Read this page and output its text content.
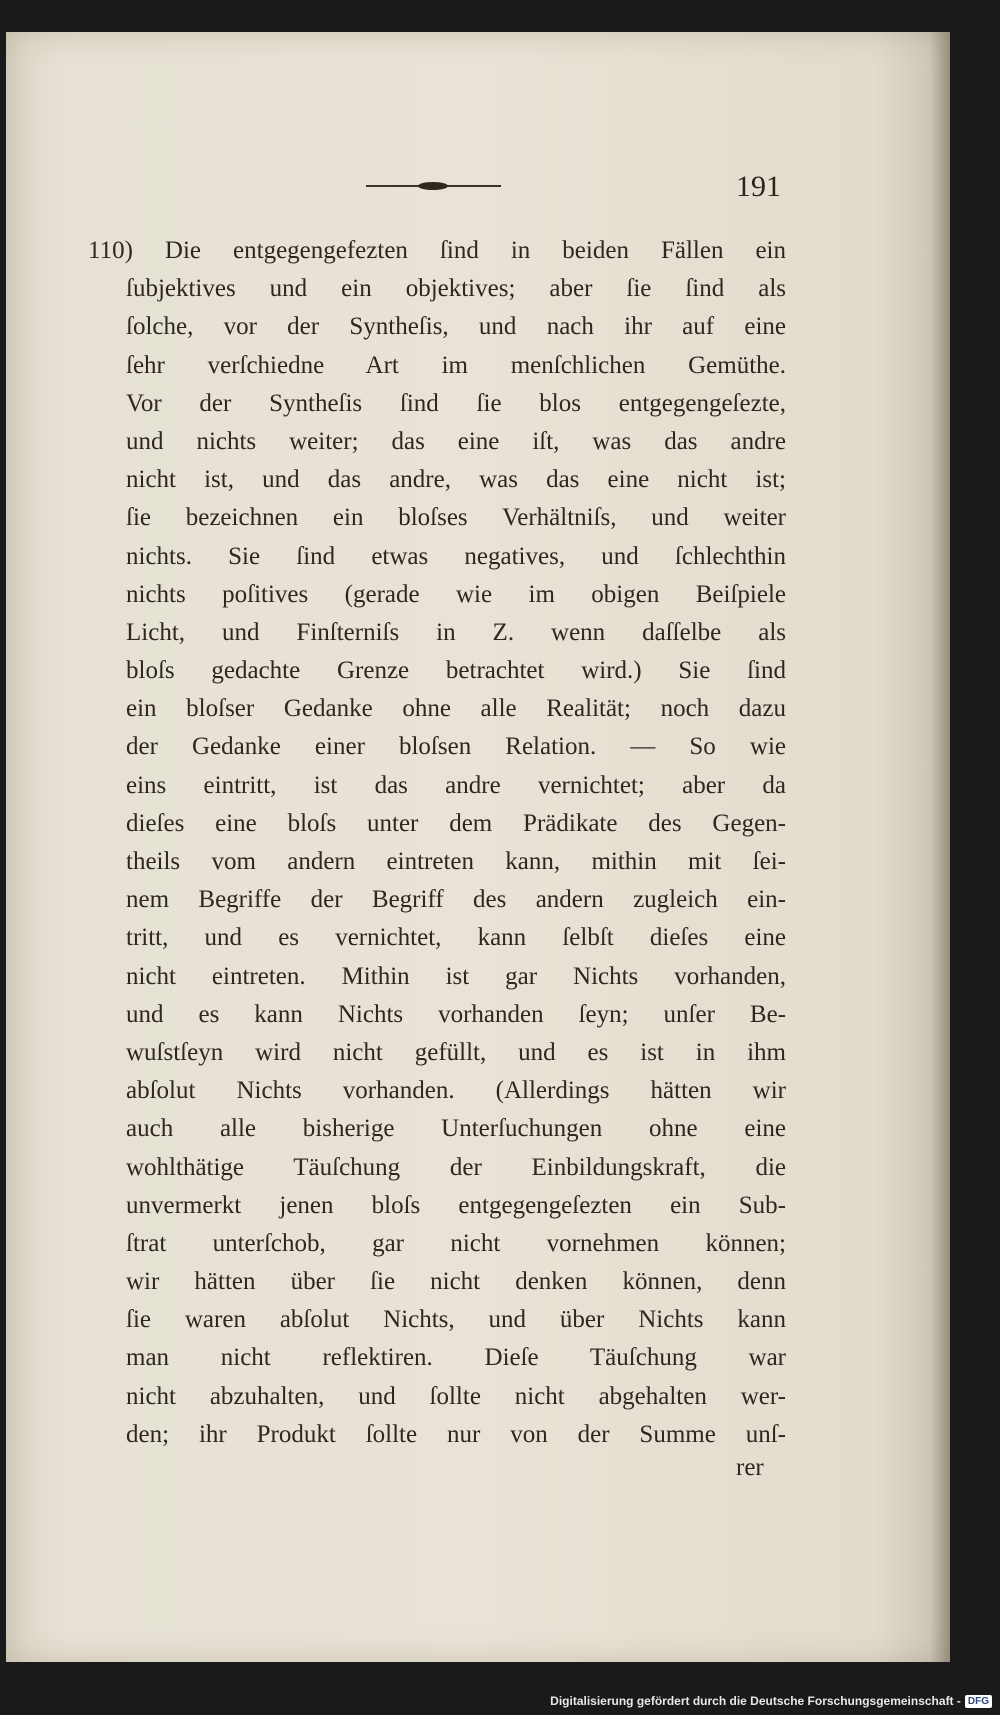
191
110) Die entgegengefezten ſind in beiden Fällen ein
ſubjektives und ein objektives; aber ſie ſind als
ſolche, vor der Syntheſis, und nach ihr auf eine
ſehr verſchiedne Art im menſchlichen Gemüthe.
Vor der Syntheſis ſind ſie blos entgegengeſezte,
und nichts weiter; das eine iſt, was das andre
nicht ist, und das andre, was das eine nicht ist;
ſie bezeichnen ein bloſses Verhältniſs, und weiter
nichts. Sie ſind etwas negatives, und ſchlechthin
nichts poſitives (gerade wie im obigen Beiſpiele
Licht, und Finſterniſs in Z. wenn daſſelbe als
bloſs gedachte Grenze betrachtet wird.) Sie ſind
ein bloſser Gedanke ohne alle Realität; noch dazu
der Gedanke einer bloſsen Relation. — So wie
eins eintritt, ist das andre vernichtet; aber da
dieſes eine bloſs unter dem Prädikate des Gegen-
theils vom andern eintreten kann, mithin mit ſei-
nem Begriffe der Begriff des andern zugleich ein-
tritt, und es vernichtet, kann ſelbſt dieſes eine
nicht eintreten. Mithin ist gar Nichts vorhanden,
und es kann Nichts vorhanden ſeyn; unſer Be-
wuſstſeyn wird nicht gefüllt, und es ist in ihm
abſolut Nichts vorhanden. (Allerdings hätten wir
auch alle bisherige Unterſuchungen ohne eine
wohlthätige Täuſchung der Einbildungskraft, die
unvermerkt jenen bloſs entgegengeſezten ein Sub-
ſtrat unterſchob, gar nicht vornehmen können;
wir hätten über ſie nicht denken können, denn
ſie waren abſolut Nichts, und über Nichts kann
man nicht reflektiren. Dieſe Täuſchung war
nicht abzuhalten, und ſollte nicht abgehalten wer-
den; ihr Produkt ſollte nur von der Summe unſ-
rer
Digitalisierung gefördert durch die Deutsche Forschungsgemeinschaft - DFG
